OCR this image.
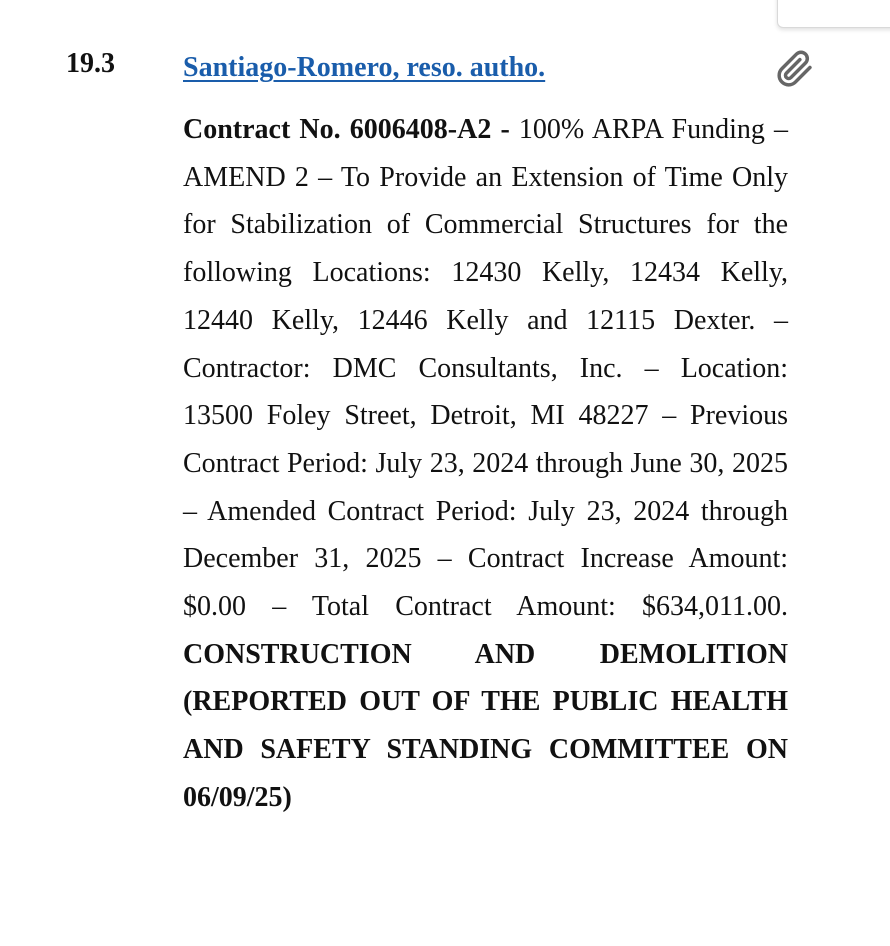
19.3 Santiago-Romero, reso. autho.
Contract No. 6006408-A2 - 100% ARPA Funding – AMEND 2 – To Provide an Extension of Time Only for Stabilization of Commercial Structures for the following Locations: 12430 Kelly, 12434 Kelly, 12440 Kelly, 12446 Kelly and 12115 Dexter. – Contractor: DMC Consultants, Inc. – Location: 13500 Foley Street, Detroit, MI 48227 – Previous Contract Period: July 23, 2024 through June 30, 2025 – Amended Contract Period: July 23, 2024 through December 31, 2025 – Contract Increase Amount: $0.00 – Total Contract Amount: $634,011.00. CONSTRUCTION AND DEMOLITION (REPORTED OUT OF THE PUBLIC HEALTH AND SAFETY STANDING COMMITTEE ON 06/09/25)
